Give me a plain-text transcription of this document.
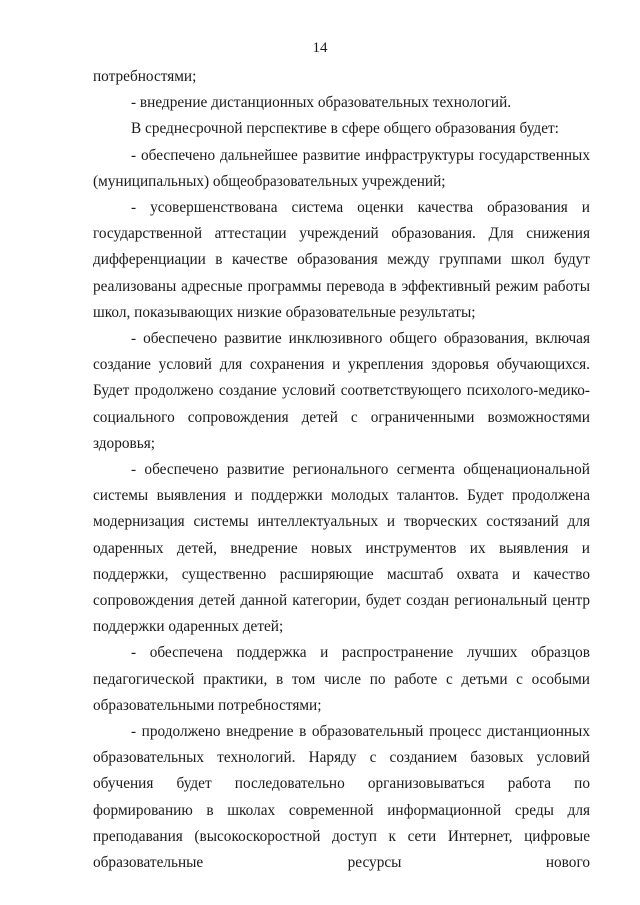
14

потребностями;

- внедрение дистанционных образовательных технологий.

В среднесрочной перспективе в сфере общего образования будет:

- обеспечено дальнейшее развитие инфраструктуры государственных (муниципальных) общеобразовательных учреждений;

- усовершенствована система оценки качества образования и государственной аттестации учреждений образования. Для снижения дифференциации в качестве образования между группами школ будут реализованы адресные программы перевода в эффективный режим работы школ, показывающих низкие образовательные результаты;

- обеспечено развитие инклюзивного общего образования, включая создание условий для сохранения и укрепления здоровья обучающихся. Будет продолжено создание условий соответствующего психолого-медико-социального сопровождения детей с ограниченными возможностями здоровья;

- обеспечено развитие регионального сегмента общенациональной системы выявления и поддержки молодых талантов. Будет продолжена модернизация системы интеллектуальных и творческих состязаний для одаренных детей, внедрение новых инструментов их выявления и поддержки, существенно расширяющие масштаб охвата и качество сопровождения детей данной категории, будет создан региональный центр поддержки одаренных детей;

- обеспечена поддержка и распространение лучших образцов педагогической практики, в том числе по работе с детьми с особыми образовательными потребностями;

- продолжено внедрение в образовательный процесс дистанционных образовательных технологий. Наряду с созданием базовых условий обучения будет последовательно организовываться работа по формированию в школах современной информационной среды для преподавания (высокоскоростной доступ к сети Интернет, цифровые образовательные ресурсы нового
